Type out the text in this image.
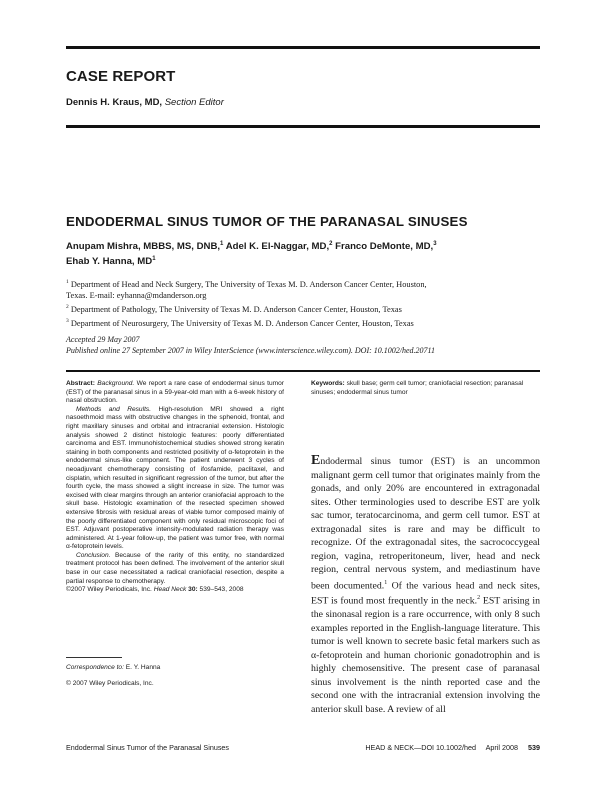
CASE REPORT
Dennis H. Kraus, MD, Section Editor
ENDODERMAL SINUS TUMOR OF THE PARANASAL SINUSES
Anupam Mishra, MBBS, MS, DNB,$^1$ Adel K. El-Naggar, MD,$^2$ Franco DeMonte, MD,$^3$
Ehab Y. Hanna, $MD^1$

$^1$ Department of Head and Neck Surgery, The University of Texas M. D. Anderson Cancer Center, Houston,
Texas. E-mail: eyhanna@mdanderson.org

$^2$ Department of Pathology, The University of Texas M. D. Anderson Cancer Center, Houston, Texas

$^3$ Department of Neurosurgery, The University of Texas M. D. Anderson Cancer Center, Houston, Texas

Accepted 29 May 2007

Published online 27 September 2007 in Wiley InterScience (www.interscience.wiley.com). DOI: 10.1002/hed.20711

Abstract: Background. We report a rare case of endodermal sinus tumor (EST) of the paranasal sinus in a 59-year-old man with a 6-week history of nasal obstruction.

Methods and Results. High-resolution MRI showed a right nasoethmoid mass with obstructive changes in the sphenoid, frontal, and right maxillary sinuses and orbital and intracranial extension. Histologic analysis showed 2 distinct histologic features: poorly differentiated carcinoma and EST. Immunohistochemical studies showed strong keratin staining in both components and restricted positivity of α-fetoprotein in the endodermal sinus-like component. The patient underwent 3 cycles of neoadjuvant chemotherapy consisting of ifosfamide, paclitaxel, and cisplatin, which resulted in significant regression of the tumor, but after the fourth cycle, the mass showed a slight increase in size. The tumor was excised with clear margins through an anterior craniofacial approach to the skull base. Histologic examination of the resected specimen showed extensive fibrosis with residual areas of viable tumor composed mainly of the poorly differentiated component with only residual microscopic foci of EST. Adjuvant postoperative intensity-modulated radiation therapy was administered. At 1-year follow-up, the patient was tumor free, with normal α-fetoprotein levels.

Conclusion. Because of the rarity of this entity, no standardized treatment protocol has been defined. The involvement of the anterior skull base in our case necessitated a radical craniofacial resection, despite a partial response to chemotherapy.
©2007 Wiley Periodicals, Inc. Head Neck 30: 539–543, 2008

Keywords: skull base; germ cell tumor; craniofacial resection; paranasal sinuses; endodermal sinus tumor
Endodermal sinus tumor (EST) is an uncommon malignant germ cell tumor that originates mainly from the gonads, and only 20% are encountered in extragonadal sites. Other terminologies used to describe EST are yolk sac tumor, teratocarcinoma, and germ cell tumor. EST at extragonadal sites is rare and may be difficult to recognize. Of the extragonadal sites, the sacrococcygeal region, vagina, retroperitoneum, liver, head and neck region, central nervous system, and mediastinum have been documented.$^1$ Of the various head and neck sites, EST is found most frequently in the neck.$^2$ EST arising in the sinonasal region is a rare occurrence, with only 8 such examples reported in the English-language literature. This tumor is well known to secrete basic fetal markers such as α-fetoprotein and human chorionic gonadotrophin and is highly chemosensitive. The present case of paranasal sinus involvement is the ninth reported case and the second one with the intracranial extension involving the anterior skull base. A review of all
Correspondence to: E. Y. Hanna
© 2007 Wiley Periodicals, Inc.
Endodermal Sinus Tumor of the Paranasal Sinuses	HEAD & NECK—DOI 10.1002/hed April 2008 539
